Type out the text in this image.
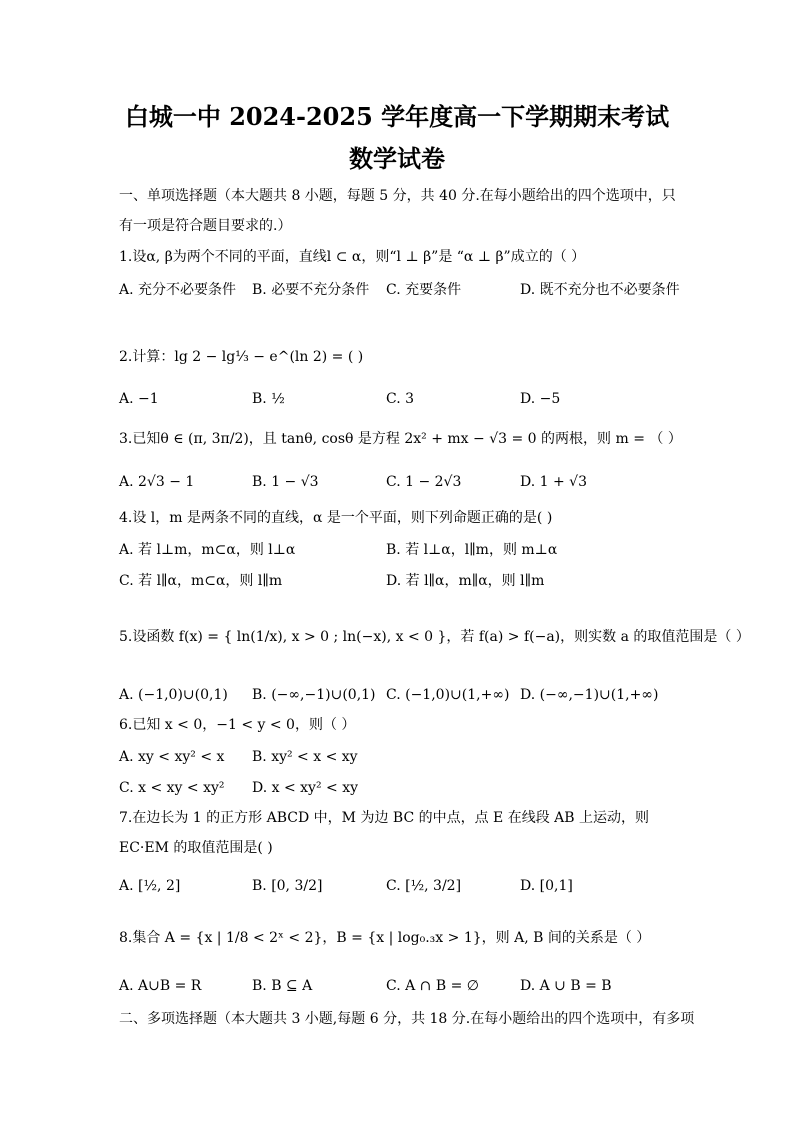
白城一中 2024-2025 学年度高一下学期期末考试
数学试卷
一、单项选择题（本大题共 8 小题，每题 5 分，共 40 分.在每小题给出的四个选项中，只有一项是符合题目要求的.）
1.设α, β为两个不同的平面，直线l ⊂ α，则“l ⊥ β”是 “α ⊥ β”成立的（ ）
A. 充分不必要条件 B. 必要不充分条件 C. 充要条件	D. 既不充分也不必要条件
2.计算：lg 2 − lg⅓ − e^(ln 2) = ( )
A. −1	B. ½	C. 3	D. −5
3.已知θ ∈ (π, 3π/2)，且 tanθ, cosθ 是方程 2x² + mx − √3 = 0 的两根，则 m = （ ）
A. 2√3 − 1	B. 1 − √3	C. 1 − 2√3	D. 1 + √3
4.设 l，m 是两条不同的直线，α 是一个平面，则下列命题正确的是( )
A. 若 l⊥m，m⊂α，则 l⊥α	B. 若 l⊥α，l∥m，则 m⊥α
C. 若 l∥α，m⊂α，则 l∥m	D. 若 l∥α，m∥α，则 l∥m
5.设函数 f(x) = { ln(1/x), x > 0 ; ln(−x), x < 0 }，若 f(a) > f(−a)，则实数 a 的取值范围是（ ）
A. (−1,0)∪(0,1) B. (−∞,−1)∪(0,1) C. (−1,0)∪(1,+∞) D. (−∞,−1)∪(1,+∞)
6.已知 x < 0，−1 < y < 0，则（ ）
A. xy < xy² < x B. xy² < x < xy
C. x < xy < xy² D. x < xy² < xy
7.在边长为 1 的正方形 ABCD 中，M 为边 BC 的中点，点 E 在线段 AB 上运动，则 EC·EM 的取值范围是( )
A. [½, 2]	B. [0, 3/2]	C. [½, 3/2]	D. [0,1]
8.集合 A = {x | 1/8 < 2ˣ < 2}，B = {x | log₀.₃x > 1}，则 A, B 间的关系是（ ）
A. A∪B = R	B. B ⊆ A	C. A ∩ B = ∅	D. A ∪ B = B
二、多项选择题（本大题共 3 小题,每题 6 分，共 18 分.在每小题给出的四个选项中，有多项
